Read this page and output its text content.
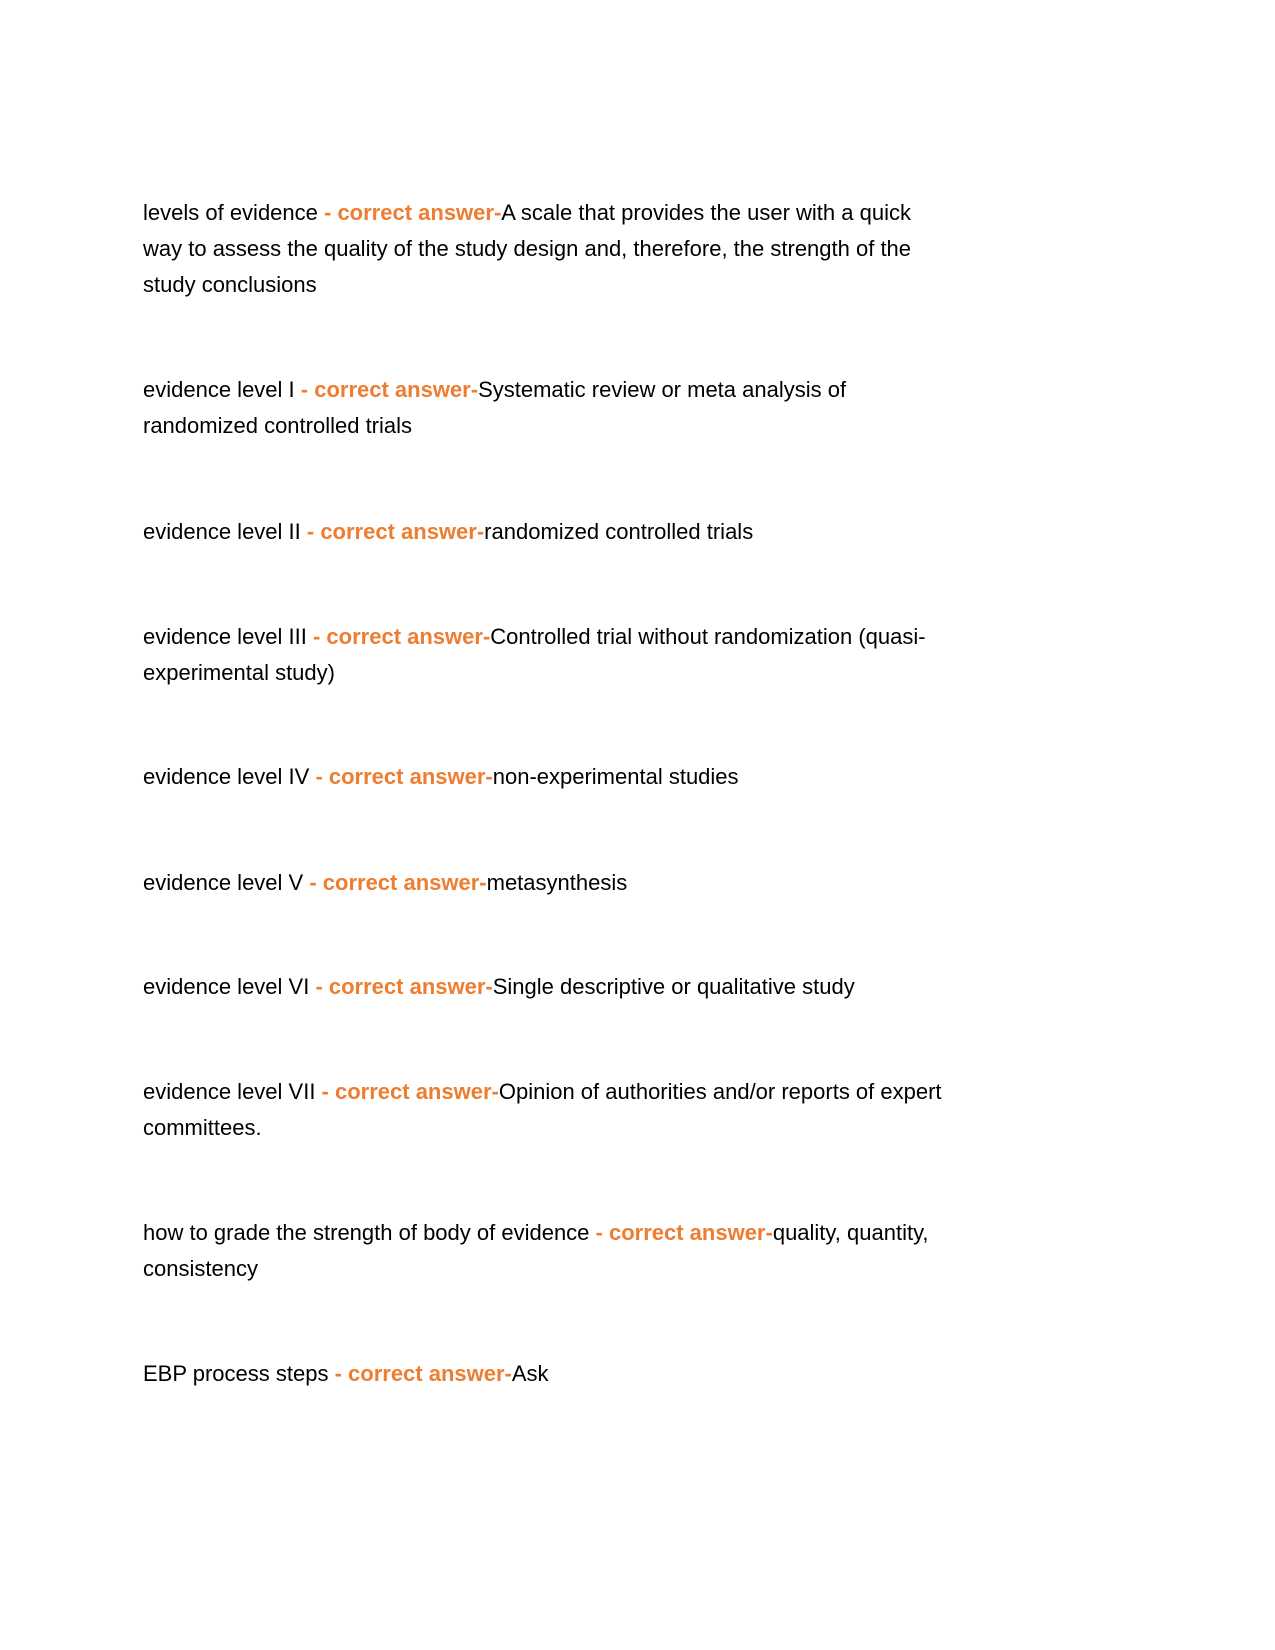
levels of evidence - correct answer-A scale that provides the user with a quick
way to assess the quality of the study design and, therefore, the strength of the
study conclusions
evidence level I - correct answer-Systematic review or meta analysis of
randomized controlled trials
evidence level II - correct answer-randomized controlled trials
evidence level III - correct answer-Controlled trial without randomization (quasi-
experimental study)
evidence level IV - correct answer-non-experimental studies
evidence level V - correct answer-metasynthesis
evidence level VI - correct answer-Single descriptive or qualitative study
evidence level VII - correct answer-Opinion of authorities and/or reports of expert
committees.
how to grade the strength of body of evidence - correct answer-quality, quantity,
consistency
EBP process steps - correct answer-Ask
